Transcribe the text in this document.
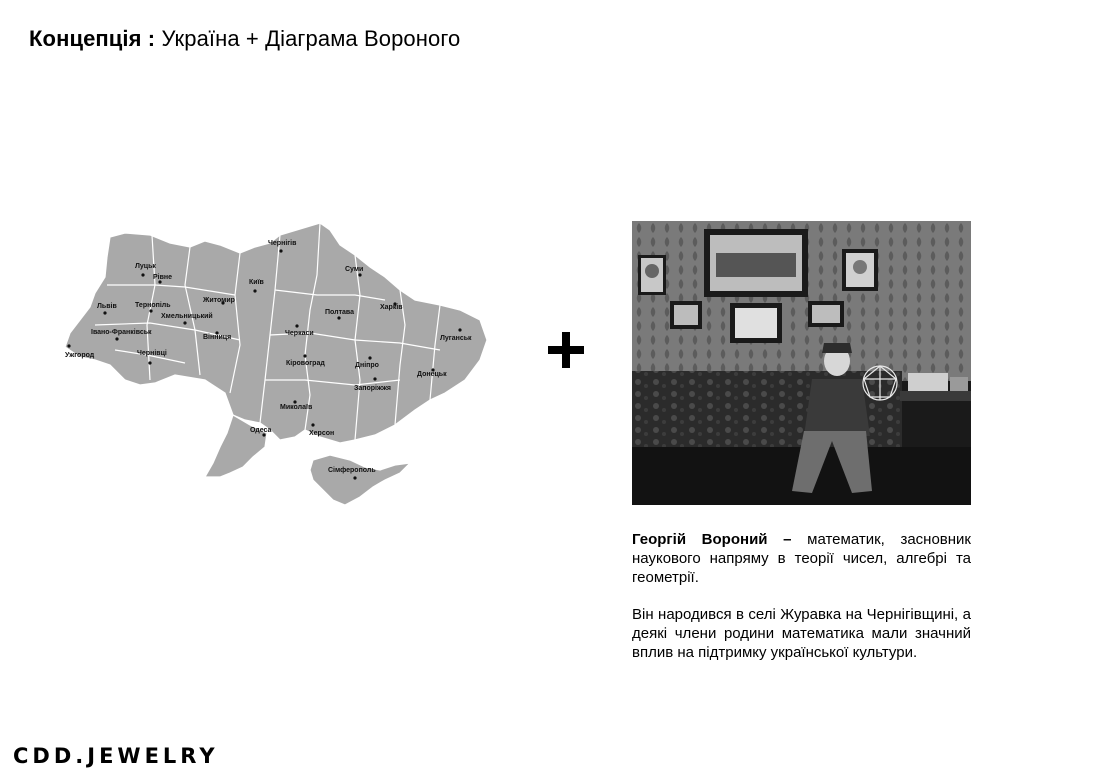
Концепція : Україна + Діаграма Вороного
Чернігів
Луцьк
Рівне
Суми
Київ
Житомир
Львів	Тернопіль
Хмельницький
Харків
Полтава
Івано-Франківськ
Вінниця
Черкаси
Луганськ
Ужгород	Чернівці
Кіровоград	Дніпро
Донецьк
Запоріжжя
Миколаїв
Одеса	Херсон
Сімферополь

Георгій Вороний – математик, засновник наукового напряму в теорії чисел, алгебрі та геометрії.

Він народився в селі Журавка на Чернігівщині, а деякі члени родини математика мали значний вплив на підтримку української культури.

CDD.JEWELRY
